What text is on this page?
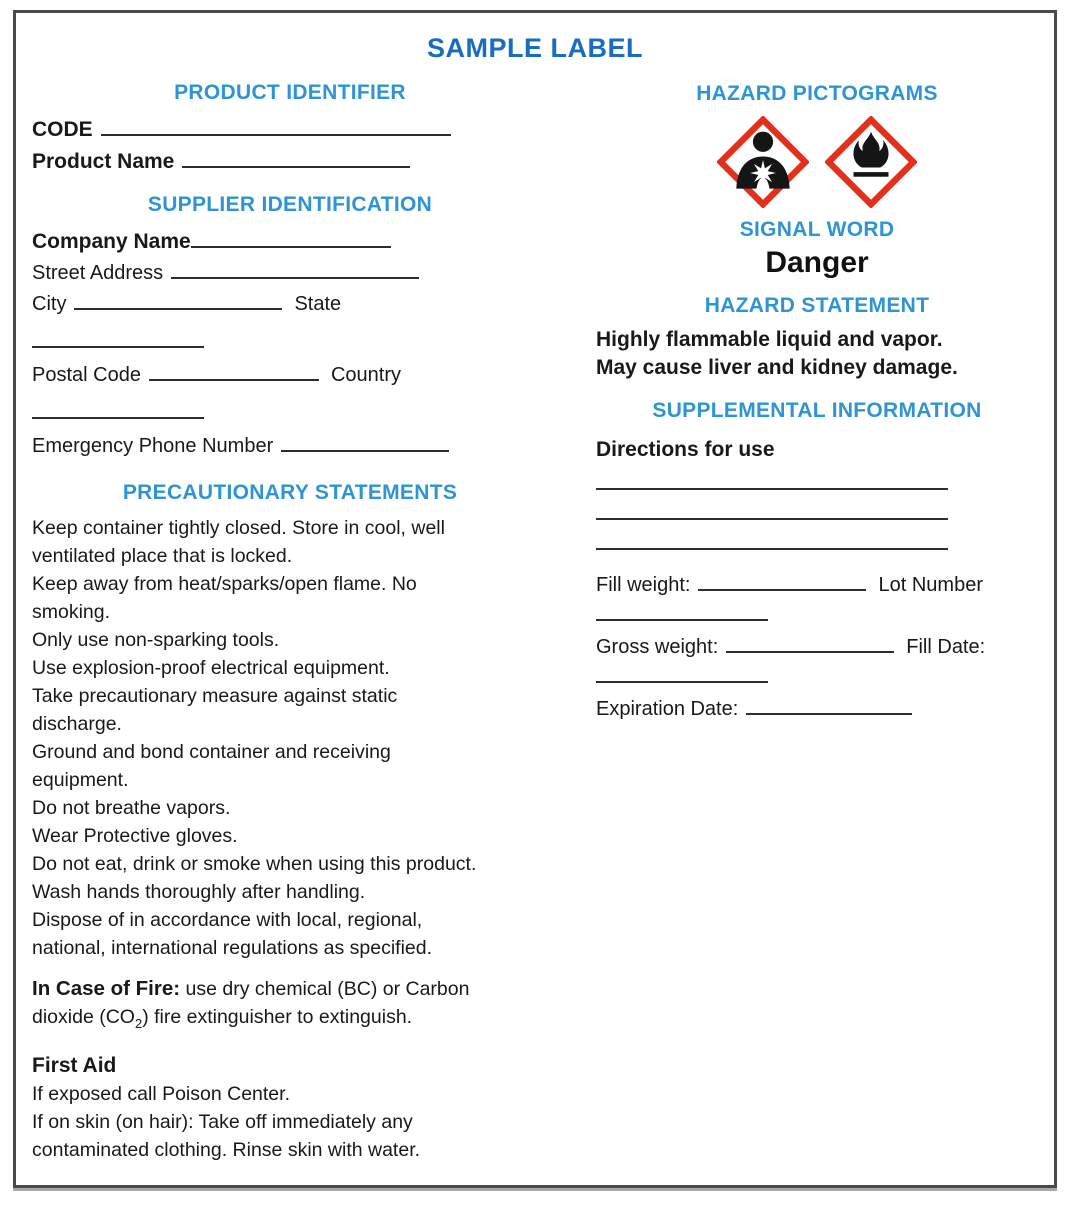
SAMPLE LABEL
PRODUCT IDENTIFIER
CODE
Product Name
SUPPLIER IDENTIFICATION
Company Name
Street Address
City	State
Postal Code	Country
Emergency Phone Number
PRECAUTIONARY STATEMENTS
Keep container tightly closed. Store in cool, well ventilated place that is locked.
Keep away from heat/sparks/open flame. No smoking.
Only use non-sparking tools.
Use explosion-proof electrical equipment.
Take precautionary measure against static discharge.
Ground and bond container and receiving equipment.
Do not breathe vapors.
Wear Protective gloves.
Do not eat, drink or smoke when using this product.
Wash hands thoroughly after handling.
Dispose of in accordance with local, regional, national, international regulations as specified.
In Case of Fire: use dry chemical (BC) or Carbon dioxide $(CO_2)$ fire extinguisher to extinguish.
First Aid
If exposed call Poison Center.
If on skin (on hair): Take off immediately any contaminated clothing. Rinse skin with water.
HAZARD PICTOGRAMS
SIGNAL WORD
Danger
HAZARD STATEMENT
Highly flammable liquid and vapor.
May cause liver and kidney damage.
SUPPLEMENTAL INFORMATION
Directions for use
Fill weight:	Lot Number
Gross weight:	Fill Date:
Expiration Date:
